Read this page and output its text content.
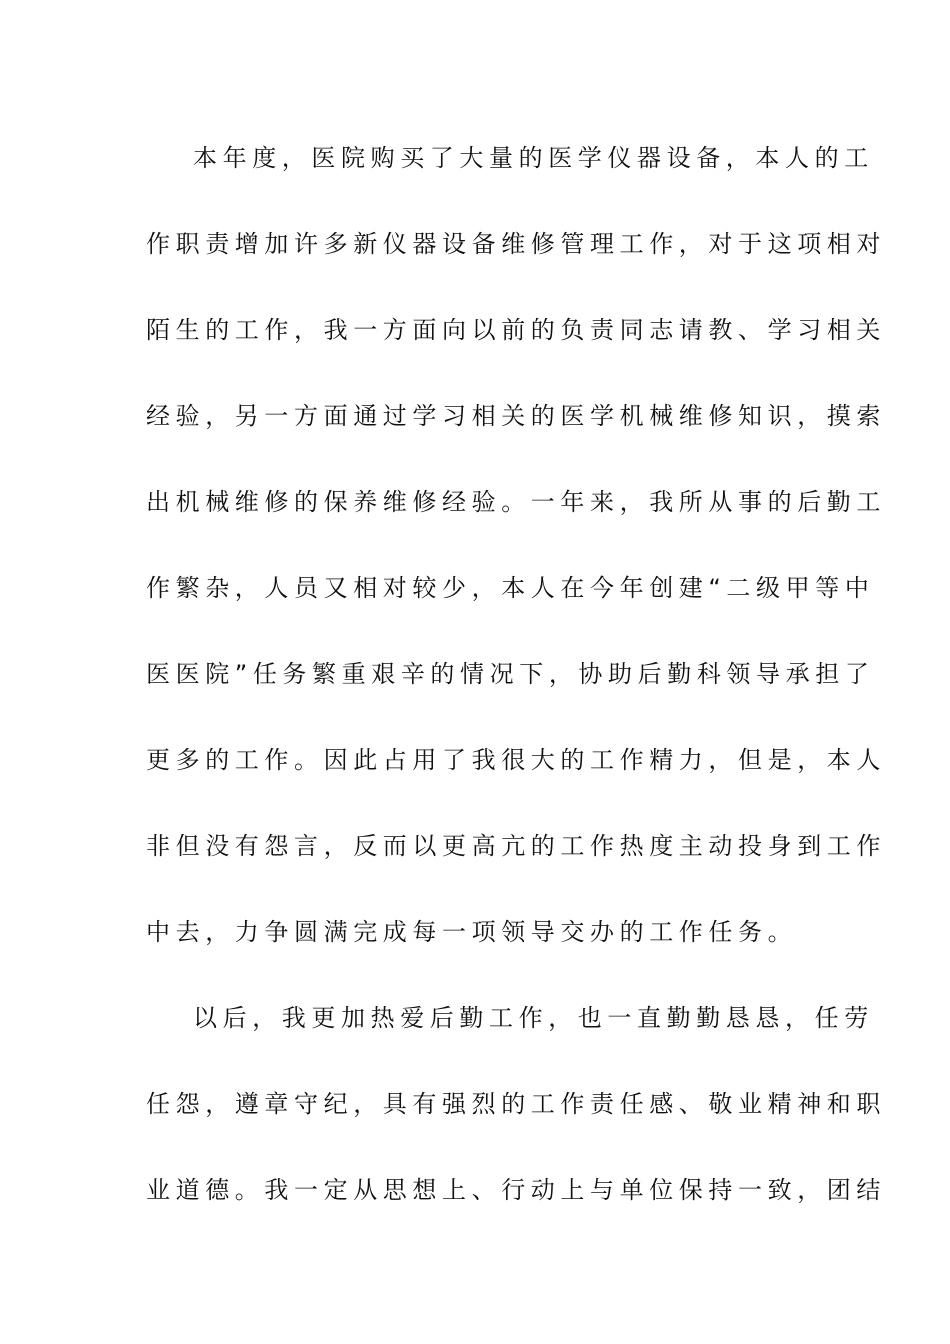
本年度，医院购买了大量的医学仪器设备，本人的工
作职责增加许多新仪器设备维修管理工作，对于这项相对
陌生的工作，我一方面向以前的负责同志请教、学习相关
经验，另一方面通过学习相关的医学机械维修知识，摸索
出机械维修的保养维修经验。一年来，我所从事的后勤工
作繁杂，人员又相对较少，本人在今年创建“二级甲等中
医医院”任务繁重艰辛的情况下，协助后勤科领导承担了
更多的工作。因此占用了我很大的工作精力，但是，本人
非但没有怨言，反而以更高亢的工作热度主动投身到工作
中去，力争圆满完成每一项领导交办的工作任务。
以后，我更加热爱后勤工作，也一直勤勤恳恳，任劳
任怨，遵章守纪，具有强烈的工作责任感、敬业精神和职
业道德。我一定从思想上、行动上与单位保持一致，团结
